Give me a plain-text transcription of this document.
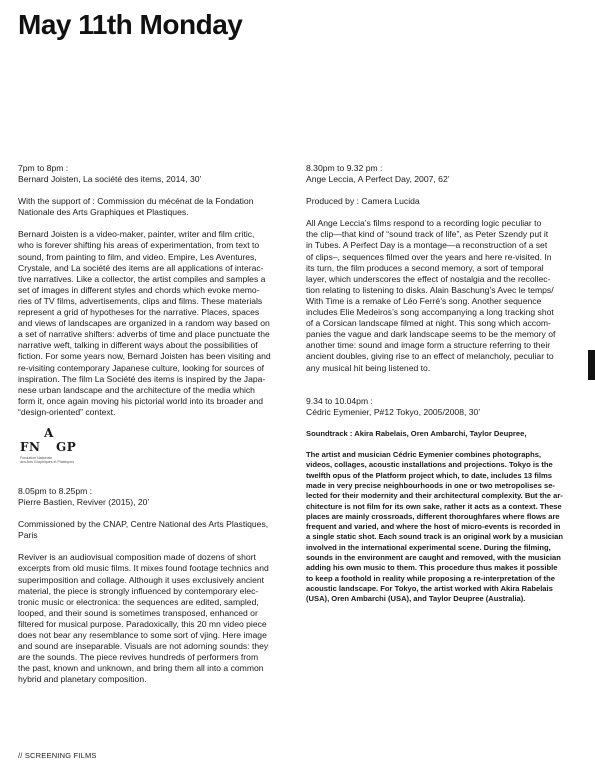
May 11th Monday

7pm to 8pm :

Bernard Joisten, La société des items, 2014, 30’

With the support of : Commission du mécénat de la Fondation

Nationale des Arts Graphiques et Plastiques.

Bernard Joisten is a video-maker, painter, writer and film critic,

who is forever shifting his areas of experimentation, from text to

sound, from painting to film, and video. Empire, Les Aventures,

Crystale, and La société des items are all applications of interac-

tive narratives. Like a collector, the artist compiles and samples a

set of images in different styles and chords which evoke memo-

ries of TV films, advertisements, clips and films. These materials

represent a grid of hypotheses for the narrative. Places, spaces

and views of landscapes are organized in a random way based on

a set of narrative shifters: adverbs of time and place punctuate the

narrative weft, talking in different ways about the possibilities of

fiction. For some years now, Bernard Joisten has been visiting and

re-visiting contemporary Japanese culture, looking for sources of

inspiration. The film La Société des items is inspired by the Japa-

nese urban landscape and the architecture of the media which

form it, once again moving his pictorial world into its broader and

“design-oriented” context.

A
FN GP
Fondation Nationale
des Arts Graphiques et Plastiques

8.05pm to 8.25pm :

Pierre Bastien, Reviver (2015), 20’

Commissioned by the CNAP, Centre National des Arts Plastiques,

Paris

Reviver is an audiovisual composition made of dozens of short

excerpts from old music films. It mixes found footage technics and

superimposition and collage. Although it uses exclusively ancient

material, the piece is strongly influenced by contemporary elec-

tronic music or electronica: the sequences are edited, sampled,

looped, and their sound is sometimes transposed, enhanced or

filtered for musical purpose. Paradoxically, this 20 mn video piece

does not bear any resemblance to some sort of vjing. Here image

and sound are inseparable. Visuals are not adorning sounds: they

are the sounds. The piece revives hundreds of performers from

the past, known and unknown, and bring them all into a common

hybrid and planetary composition.

8.30pm to 9.32 pm :

Ange Leccia, A Perfect Day, 2007, 62’

Produced by : Camera Lucida

All Ange Leccia’s films respond to a recording logic peculiar to

the clip—that kind of “sound track of life”, as Peter Szendy put it

in Tubes. A Perfect Day is a montage—a reconstruction of a set

of clips–, sequences filmed over the years and here re-visited. In

its turn, the film produces a second memory, a sort of temporal

layer, which underscores the effect of nostalgia and the recollec-

tion relating to listening to disks. Alain Baschung’s Avec le temps/

With Time is a remake of Léo Ferré’s song. Another sequence

includes Elie Medeiros’s song accompanying a long tracking shot

of a Corsican landscape filmed at night. This song which accom-

panies the vague and dark landscape seems to be the memory of

another time: sound and image form a structure referring to their

ancient doubles, giving rise to an effect of melancholy, peculiar to

any musical hit being listened to.

9.34 to 10.04pm :

Cédric Eymenier, P#12 Tokyo, 2005/2008, 30’

Soundtrack : Akira Rabelais, Oren Ambarchi, Taylor Deupree,

The artist and musician Cédric Eymenier combines photographs,

videos, collages, acoustic installations and projections. Tokyo is the

twelfth opus of the Platform project which, to date, includes 13 films

made in very precise neighbourhoods in one or two metropolises se-

lected for their modernity and their architectural complexity. But the ar-

chitecture is not film for its own sake, rather it acts as a context. These

places are mainly crossroads, different thoroughfares where flows are

frequent and varied, and where the host of micro-events is recorded in

a single static shot. Each sound track is an original work by a musician

involved in the international experimental scene. During the filming,

sounds in the environment are caught and removed, with the musician

adding his own music to them. This procedure thus makes it possible

to keep a foothold in reality while proposing a re-interpretation of the

acoustic landscape. For Tokyo, the artist worked with Akira Rabelais

(USA), Oren Ambarchi (USA), and Taylor Deupree (Australia).

// SCREENING FILMS
